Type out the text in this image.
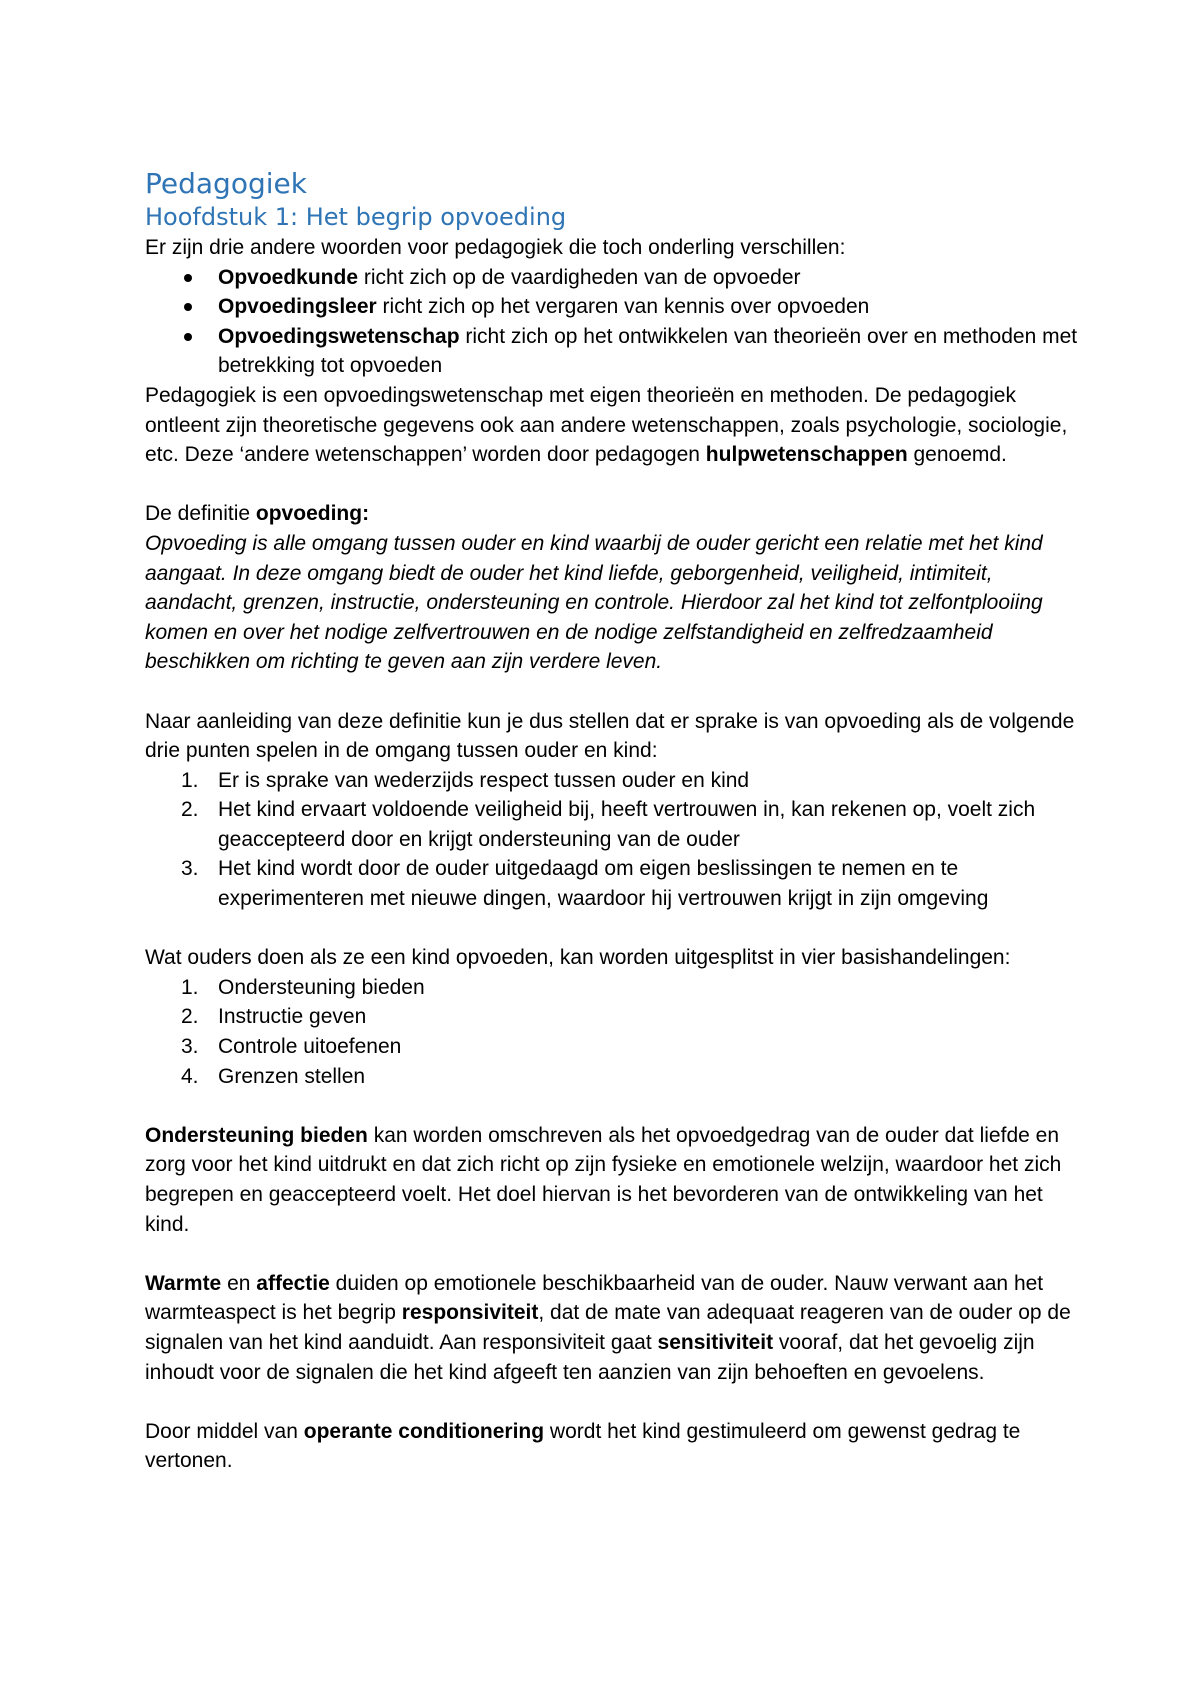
Pedagogiek
Hoofdstuk 1: Het begrip opvoeding

Er zijn drie andere woorden voor pedagogiek die toch onderling verschillen:

Opvoedkunde richt zich op de vaardigheden van de opvoeder
Opvoedingsleer richt zich op het vergaren van kennis over opvoeden
Opvoedingswetenschap richt zich op het ontwikkelen van theorieën over en methoden met betrekking tot opvoeden

Pedagogiek is een opvoedingswetenschap met eigen theorieën en methoden. De pedagogiek ontleent zijn theoretische gegevens ook aan andere wetenschappen, zoals psychologie, sociologie, etc. Deze ‘andere wetenschappen’ worden door pedagogen hulpwetenschappen genoemd.

De definitie opvoeding:

Opvoeding is alle omgang tussen ouder en kind waarbij de ouder gericht een relatie met het kind aangaat. In deze omgang biedt de ouder het kind liefde, geborgenheid, veiligheid, intimiteit, aandacht, grenzen, instructie, ondersteuning en controle. Hierdoor zal het kind tot zelfontplooiing komen en over het nodige zelfvertrouwen en de nodige zelfstandigheid en zelfredzaamheid beschikken om richting te geven aan zijn verdere leven.

Naar aanleiding van deze definitie kun je dus stellen dat er sprake is van opvoeding als de volgende drie punten spelen in de omgang tussen ouder en kind:

1. Er is sprake van wederzijds respect tussen ouder en kind
2. Het kind ervaart voldoende veiligheid bij, heeft vertrouwen in, kan rekenen op, voelt zich geaccepteerd door en krijgt ondersteuning van de ouder
3. Het kind wordt door de ouder uitgedaagd om eigen beslissingen te nemen en te experimenteren met nieuwe dingen, waardoor hij vertrouwen krijgt in zijn omgeving

Wat ouders doen als ze een kind opvoeden, kan worden uitgesplitst in vier basishandelingen:

1. Ondersteuning bieden
2. Instructie geven
3. Controle uitoefenen
4. Grenzen stellen

Ondersteuning bieden kan worden omschreven als het opvoedgedrag van de ouder dat liefde en zorg voor het kind uitdrukt en dat zich richt op zijn fysieke en emotionele welzijn, waardoor het zich begrepen en geaccepteerd voelt. Het doel hiervan is het bevorderen van de ontwikkeling van het kind.

Warmte en affectie duiden op emotionele beschikbaarheid van de ouder. Nauw verwant aan het warmteaspect is het begrip responsiviteit, dat de mate van adequaat reageren van de ouder op de signalen van het kind aanduidt. Aan responsiviteit gaat sensitiviteit vooraf, dat het gevoelig zijn inhoudt voor de signalen die het kind afgeeft ten aanzien van zijn behoeften en gevoelens.

Door middel van operante conditionering wordt het kind gestimuleerd om gewenst gedrag te vertonen.
